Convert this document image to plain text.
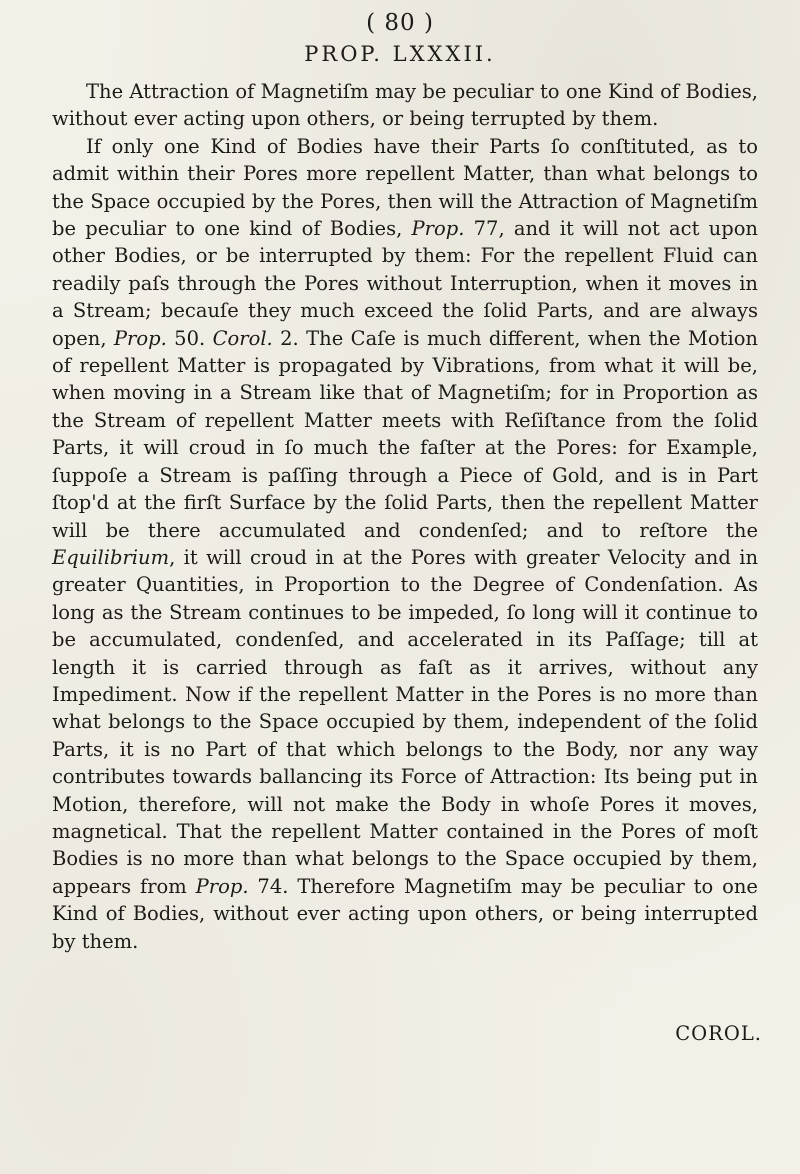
( 80 )
PROP. LXXXII.

The Attraction of Magnetiſm may be peculiar to one Kind of Bodies, without ever acting upon others, or being terrupted by them.

If only one Kind of Bodies have their Parts ſo conſtituted, as to admit within their Pores more repellent Matter, than what belongs to the Space occupied by the Pores, then will the Attraction of Magnetiſm be peculiar to one kind of Bodies, Prop. 77, and it will not act upon other Bodies, or be interrupted by them: For the repellent Fluid can readily paſs through the Pores without Interruption, when it moves in a Stream; becauſe they much exceed the ſolid Parts, and are always open, Prop. 50. Corol. 2. The Caſe is much different, when the Motion of repellent Matter is propagated by Vibrations, from what it will be, when moving in a Stream like that of Magnetiſm; for in Proportion as the Stream of repellent Matter meets with Reſiſtance from the ſolid Parts, it will croud in ſo much the faſter at the Pores: for Example, ſuppoſe a Stream is paſſing through a Piece of Gold, and is in Part ſtop'd at the firſt Surface by the ſolid Parts, then the repellent Matter will be there accumulated and condenſed; and to reſtore the Equilibrium, it will croud in at the Pores with greater Velocity and in greater Quantities, in Proportion to the Degree of Condenſation. As long as the Stream continues to be impeded, ſo long will it continue to be accumulated, condenſed, and accelerated in its Paſſage; till at length it is carried through as faſt as it arrives, without any Impediment. Now if the repellent Matter in the Pores is no more than what belongs to the Space occupied by them, independent of the ſolid Parts, it is no Part of that which belongs to the Body, nor any way contributes towards ballancing its Force of Attraction: Its being put in Motion, therefore, will not make the Body in whoſe Pores it moves, magnetical. That the repellent Matter contained in the Pores of moſt Bodies is no more than what belongs to the Space occupied by them, appears from Prop. 74. Therefore Magnetiſm may be peculiar to one Kind of Bodies, without ever acting upon others, or being interrupted by them.

COROL.
